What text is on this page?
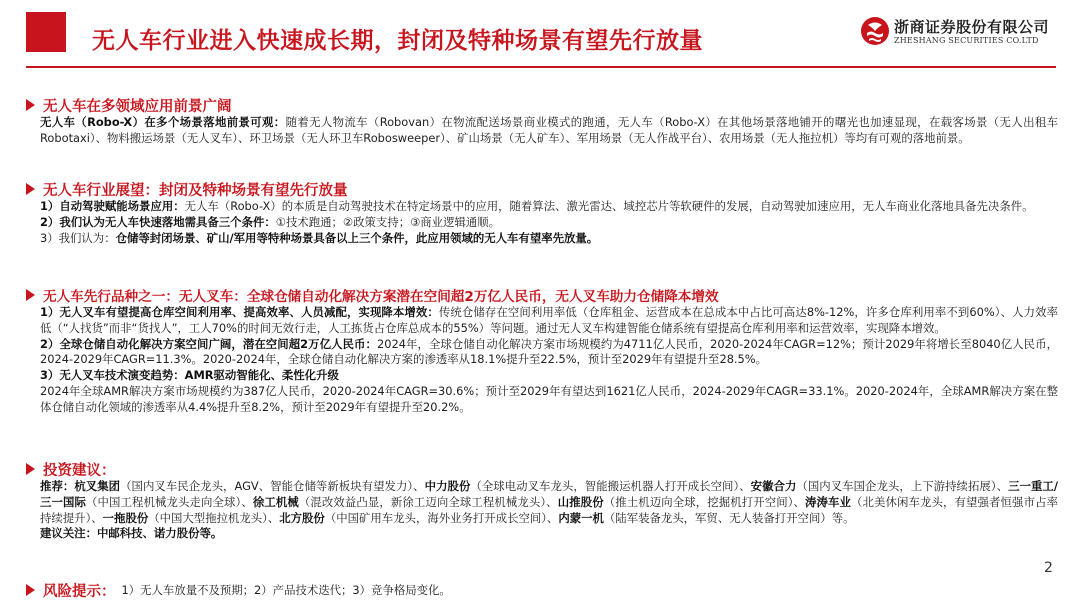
无人车行业进入快速成长期，封闭及特种场景有望先行放量
浙商证券股份有限公司
ZHESHANG SECURITIES CO.LTD
无人车在多领域应用前景广阔
无人车（Robo-X）在多个场景落地前景可观：随着无人物流车（Robovan）在物流配送场景商业模式的跑通，无人车（Robo-X）在其他场景落地铺开的曙光也加速显现，在载客场景（无人出租车Robotaxi）、物料搬运场景（无人叉车）、环卫场景（无人环卫车Robosweeper）、矿山场景（无人矿车）、军用场景（无人作战平台）、农用场景（无人拖拉机）等均有可观的落地前景。
无人车行业展望：封闭及特种场景有望先行放量
1）自动驾驶赋能场景应用：无人车（Robo-X）的本质是自动驾驶技术在特定场景中的应用，随着算法、激光雷达、域控芯片等软硬件的发展，自动驾驶加速应用，无人车商业化落地具备先决条件。
2）我们认为无人车快速落地需具备三个条件：①技术跑通；②政策支持；③商业逻辑通顺。
3）我们认为：仓储等封闭场景、矿山/军用等特种场景具备以上三个条件，此应用领域的无人车有望率先放量。
无人车先行品种之一：无人叉车：全球仓储自动化解决方案潜在空间超2万亿人民币，无人叉车助力仓储降本增效
1）无人叉车有望提高仓库空间利用率、提高效率、人员减配，实现降本增效：传统仓储存在空间利用率低（仓库租金、运营成本在总成本中占比可高达8%-12%，许多仓库利用率不到60%）、人力效率低（“人找货”而非“货找人”，工人70%的时间无效行走，人工拣货占仓库总成本的55%）等问题。通过无人叉车构建智能仓储系统有望提高仓库利用率和运营效率，实现降本增效。
2）全球仓储自动化解决方案空间广阔，潜在空间超2万亿人民币：2024年，全球仓储自动化解决方案市场规模约为4711亿人民币，2020-2024年CAGR=12%；预计2029年将增长至8040亿人民币，2024-2029年CAGR=11.3%。2020-2024年，全球仓储自动化解决方案的渗透率从18.1%提升至22.5%，预计至2029年有望提升至28.5%。
3）无人叉车技术演变趋势：AMR驱动智能化、柔性化升级
2024年全球AMR解决方案市场规模约为387亿人民币，2020-2024年CAGR=30.6%；预计至2029年有望达到1621亿人民币，2024-2029年CAGR=33.1%。2020-2024年，全球AMR解决方案在整体仓储自动化领域的渗透率从4.4%提升至8.2%，预计至2029年有望提升至20.2%。
投资建议：
推荐：杭叉集团（国内叉车民企龙头，AGV、智能仓储等新板块有望发力）、中力股份（全球电动叉车龙头，智能搬运机器人打开成长空间）、安徽合力（国内叉车国企龙头，上下游持续拓展）、三一重工/三一国际（中国工程机械龙头走向全球）、徐工机械（混改效益凸显，新徐工迈向全球工程机械龙头）、山推股份（推土机迈向全球，挖掘机打开空间）、涛涛车业（北美休闲车龙头，有望强者恒强市占率持续提升）、一拖股份（中国大型拖拉机龙头）、北方股份（中国矿用车龙头，海外业务打开成长空间）、内蒙一机（陆军装备龙头，军贸、无人装备打开空间）等。
建议关注：中邮科技、诺力股份等。
风险提示： 1）无人车放量不及预期；2）产品技术迭代；3）竞争格局变化。
2
